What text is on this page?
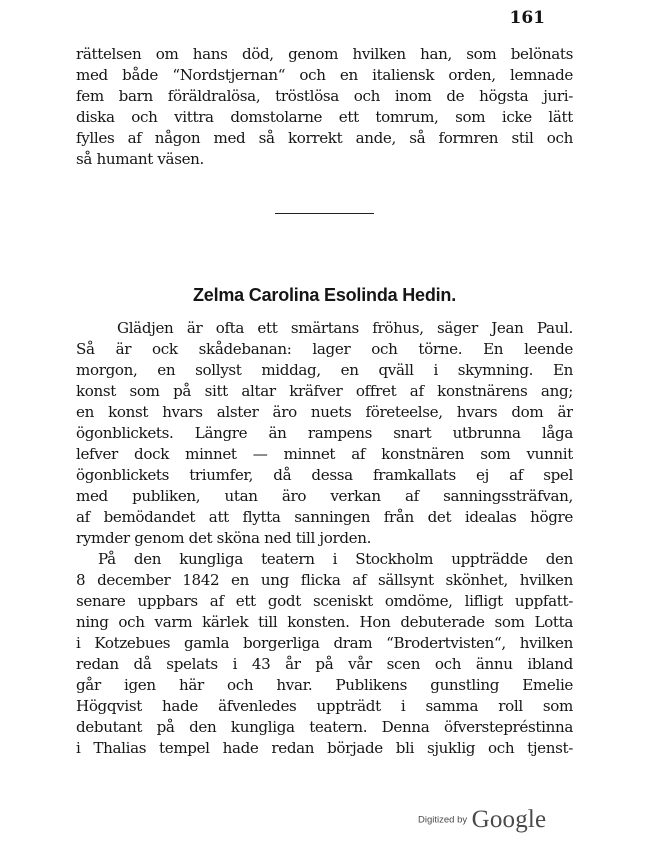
161
rättelsen om hans död, genom hvilken han, som belönats
med både “Nordstjernan“ och en italiensk orden, lemnade
fem barn föräldralösa, tröstlösa och inom de högsta juri-
diska och vittra domstolarne ett tomrum, som icke lätt
fylles af någon med så korrekt ande, så formren stil och
så humant väsen.
Zelma Carolina Esolinda Hedin.
Glädjen är ofta ett smärtans fröhus, säger Jean Paul.
Så är ock skådebanan: lager och törne. En leende
morgon, en sollyst middag, en qväll i skymning. En
konst som på sitt altar kräfver offret af konstnärens ang;
en konst hvars alster äro nuets företeelse, hvars dom är
ögonblickets. Längre än rampens snart utbrunna låga
lefver dock minnet — minnet af konstnären som vunnit
ögonblickets triumfer, då dessa framkallats ej af spel
med publiken, utan äro verkan af sanningssträfvan,
af bemödandet att flytta sanningen från det idealas högre
rymder genom det sköna ned till jorden.
På den kungliga teatern i Stockholm uppträdde den
8 december 1842 en ung flicka af sällsynt skönhet, hvilken
senare uppbars af ett godt sceniskt omdöme, lifligt uppfatt-
ning och varm kärlek till konsten. Hon debuterade som Lotta
i Kotzebues gamla borgerliga dram “Brodertvisten“, hvilken
redan då spelats i 43 år på vår scen och ännu ibland
går igen här och hvar. Publikens gunstling Emelie
Högqvist hade äfvenledes uppträdt i samma roll som
debutant på den kungliga teatern. Denna öfverstepréstinna
i Thalias tempel hade redan började bli sjuklig och tjenst-
Digitized by Google
